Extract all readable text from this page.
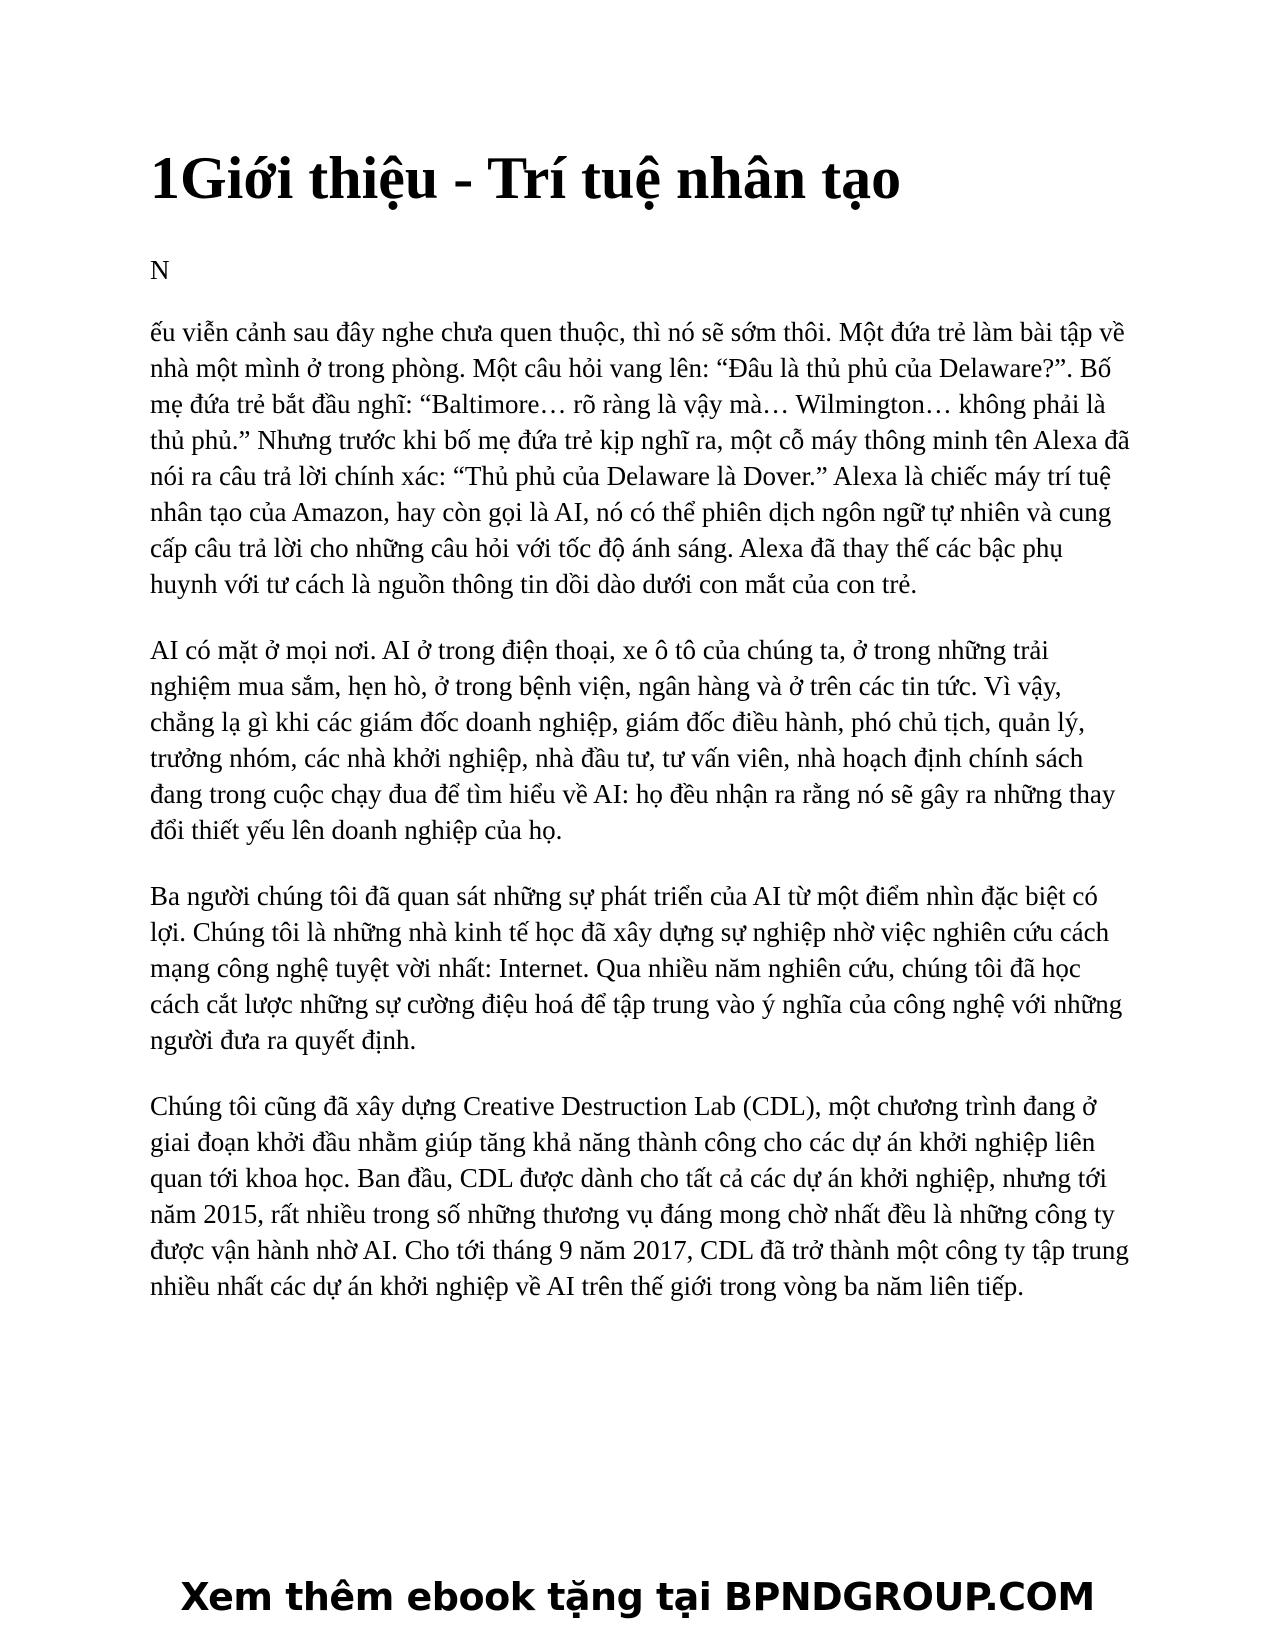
1Giới thiệu - Trí tuệ nhân tạo

N

ếu viễn cảnh sau đây nghe chưa quen thuộc, thì nó sẽ sớm thôi. Một đứa trẻ làm bài tập về nhà một mình ở trong phòng. Một câu hỏi vang lên: “Đâu là thủ phủ của Delaware?”. Bố mẹ đứa trẻ bắt đầu nghĩ: “Baltimore… rõ ràng là vậy mà… Wilmington… không phải là thủ phủ.” Nhưng trước khi bố mẹ đứa trẻ kịp nghĩ ra, một cỗ máy thông minh tên Alexa đã nói ra câu trả lời chính xác: “Thủ phủ của Delaware là Dover.” Alexa là chiếc máy trí tuệ nhân tạo của Amazon, hay còn gọi là AI, nó có thể phiên dịch ngôn ngữ tự nhiên và cung cấp câu trả lời cho những câu hỏi với tốc độ ánh sáng. Alexa đã thay thế các bậc phụ huynh với tư cách là nguồn thông tin dồi dào dưới con mắt của con trẻ.

AI có mặt ở mọi nơi. AI ở trong điện thoại, xe ô tô của chúng ta, ở trong những trải nghiệm mua sắm, hẹn hò, ở trong bệnh viện, ngân hàng và ở trên các tin tức. Vì vậy, chẳng lạ gì khi các giám đốc doanh nghiệp, giám đốc điều hành, phó chủ tịch, quản lý, trưởng nhóm, các nhà khởi nghiệp, nhà đầu tư, tư vấn viên, nhà hoạch định chính sách đang trong cuộc chạy đua để tìm hiểu về AI: họ đều nhận ra rằng nó sẽ gây ra những thay đổi thiết yếu lên doanh nghiệp của họ.

Ba người chúng tôi đã quan sát những sự phát triển của AI từ một điểm nhìn đặc biệt có lợi. Chúng tôi là những nhà kinh tế học đã xây dựng sự nghiệp nhờ việc nghiên cứu cách mạng công nghệ tuyệt vời nhất: Internet. Qua nhiều năm nghiên cứu, chúng tôi đã học cách cắt lược những sự cường điệu hoá để tập trung vào ý nghĩa của công nghệ với những người đưa ra quyết định.

Chúng tôi cũng đã xây dựng Creative Destruction Lab (CDL), một chương trình đang ở giai đoạn khởi đầu nhằm giúp tăng khả năng thành công cho các dự án khởi nghiệp liên quan tới khoa học. Ban đầu, CDL được dành cho tất cả các dự án khởi nghiệp, nhưng tới năm 2015, rất nhiều trong số những thương vụ đáng mong chờ nhất đều là những công ty được vận hành nhờ AI. Cho tới tháng 9 năm 2017, CDL đã trở thành một công ty tập trung nhiều nhất các dự án khởi nghiệp về AI trên thế giới trong vòng ba năm liên tiếp.

Xem thêm ebook tặng tại BPNDGROUP.COM
